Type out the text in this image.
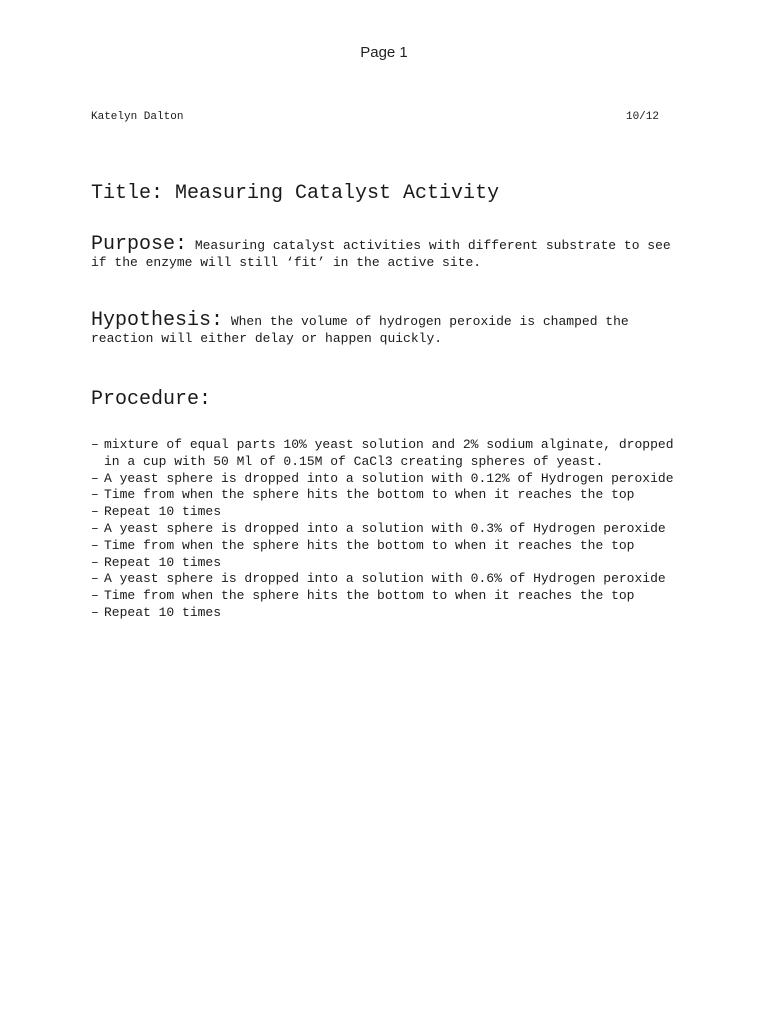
Page 1
Katelyn Dalton	10/12
Title: Measuring Catalyst Activity
Purpose: Measuring catalyst activities with different substrate to see if the enzyme will still ‘fit’ in the active site.
Hypothesis: When the volume of hydrogen peroxide is champed the reaction will either delay or happen quickly.
Procedure:
– mixture of equal parts 10% yeast solution and 2% sodium alginate, dropped in a cup with 50 Ml of 0.15M of CaCl3 creating spheres of yeast.
– A yeast sphere is dropped into a solution with 0.12% of Hydrogen peroxide
– Time from when the sphere hits the bottom to when it reaches the top
– Repeat 10 times
– A yeast sphere is dropped into a solution with 0.3% of Hydrogen peroxide
– Time from when the sphere hits the bottom to when it reaches the top
– Repeat 10 times
– A yeast sphere is dropped into a solution with 0.6% of Hydrogen peroxide
– Time from when the sphere hits the bottom to when it reaches the top
– Repeat 10 times
